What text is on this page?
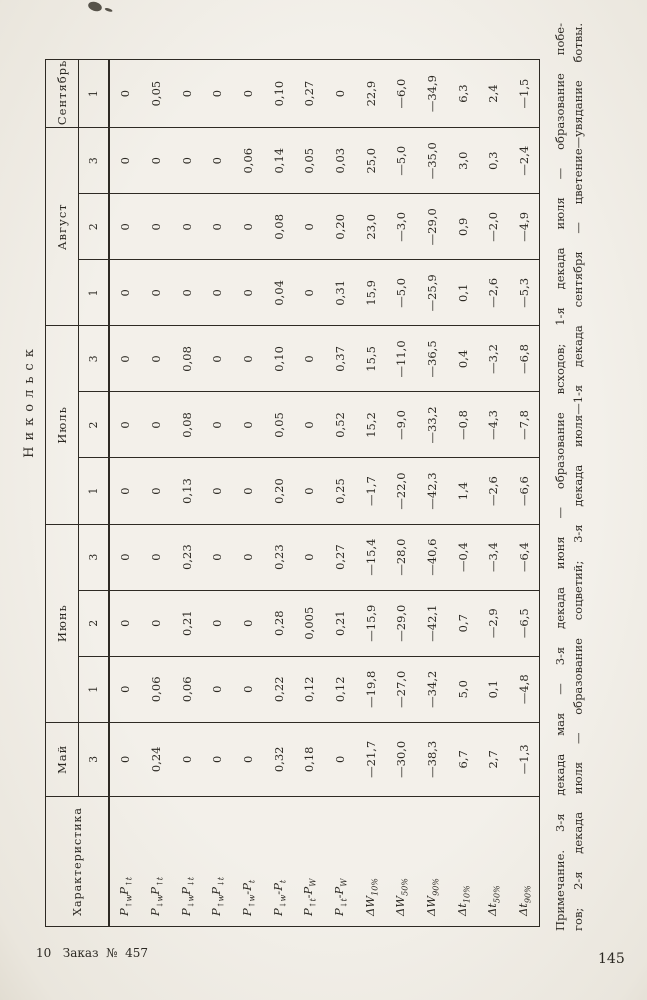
Никольск
Характеристика	Май	Июнь			Июль			Август			Сентябрь
	3	1	2	3	1	2	3	1	2	3	1
$P_{↑w}P_{↑t}$	0	0	0	0	0	0	0	0	0	0	0
$P_{↓w}P_{↑t}$	0,24	0,06	0	0	0	0	0	0	0	0	0,05
$P_{↓w}P_{↓t}$	0	0,06	0,21	0,23	0,13	0,08	0,08	0	0	0	0
$P_{↑w}P_{↓t}$	0	0	0	0	0	0	0	0	0	0	0
$P_{↑w}-P_t$	0	0	0	0	0	0	0	0	0	0,06	0
$P_{↓w}-P_t$	0,32	0,22	0,28	0,23	0,20	0,05	0,10	0,04	0,08	0,14	0,10
$P_{↑t}-P_W$	0,18	0,12	0,005	0	0	0	0	0	0	0,05	0,27
$P_{↓t}-P_W$	0	0,12	0,21	0,27	0,25	0,52	0,37	0,31	0,20	0,03	0
$\Delta W_{10\%}$	—21,7	—19,8	—15,9	—15,4	—1,7	15,2	15,5	15,9	23,0	25,0	22,9
$\Delta W_{50\%}$	—30,0	—27,0	—29,0	—28,0	—22,0	—9,0	—11,0	—5,0	—3,0	—5,0	—6,0
$\Delta W_{90\%}$	—38,3	—34,2	—42,1	—40,6	—42,3	—33,2	—36,5	—25,9	—29,0	—35,0	—34,9
$\Delta t_{10\%}$	6,7	5,0	0,7	—0,4	1,4	—0,8	0,4	0,1	0,9	3,0	6,3
$\Delta t_{50\%}$	2,7	0,1	—2,9	—3,4	—2,6	—4,3	—3,2	—2,6	—2,0	0,3	2,4
$\Delta t_{90\%}$	—1,3	—4,8	—6,5	—6,4	—6,6	—7,8	—6,8	—5,3	—4,9	—2,4	—1,5 Примечание. 3-я декада мая — 3-я декада июня — образование всходов; 1-я декада июля — образование побе- гов; 2-я декада июля — образование соцветий; 3-я декада июля—1-я декада сентября — цветение—увядание ботвы.
10   Заказ  №  457	145
